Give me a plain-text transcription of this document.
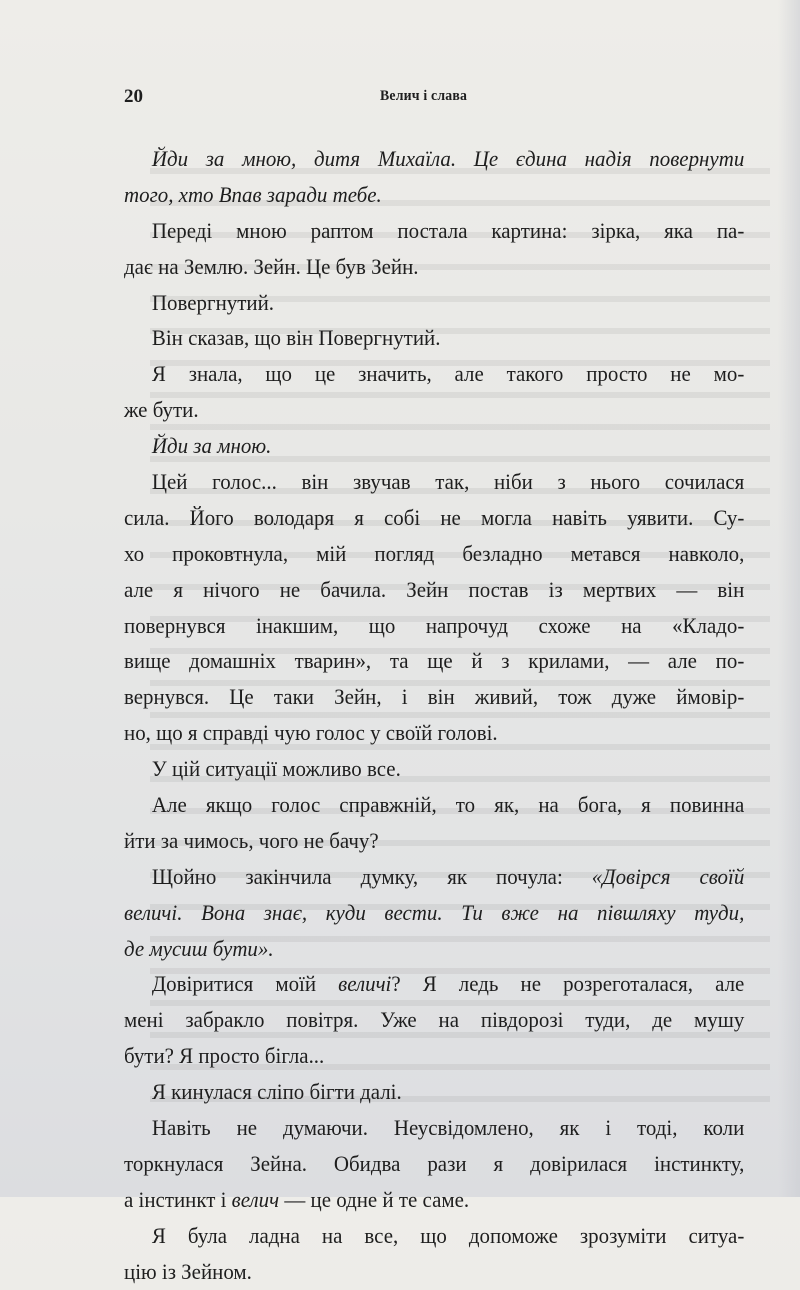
20	Велич і слава
Йди за мною, дитя Михаїла. Це єдина надія повернути
того, хто Впав заради тебе.
Переді мною раптом постала картина: зірка, яка па-
дає на Землю. Зейн. Це був Зейн.
Повергнутий.
Він сказав, що він Повергнутий.
Я знала, що це значить, але такого просто не мо-
же бути.
Йди за мною.
Цей голос... він звучав так, ніби з нього сочилася
сила. Його володаря я собі не могла навіть уявити. Су-
хо проковтнула, мій погляд безладно метався навколо,
але я нічого не бачила. Зейн постав із мертвих — він
повернувся інакшим, що напрочуд схоже на «Кладо-
вище домашніх тварин», та ще й з крилами, — але по-
вернувся. Це таки Зейн, і він живий, тож дуже ймовір-
но, що я справді чую голос у своїй голові.
У цій ситуації можливо все.
Але якщо голос справжній, то як, на бога, я повинна
йти за чимось, чого не бачу?
Щойно закінчила думку, як почула: «Довірся своїй
величі. Вона знає, куди вести. Ти вже на півшляху туди,
де мусиш бути».
Довіритися моїй величі? Я ледь не розреготалася, але
мені забракло повітря. Уже на півдорозі туди, де мушу
бути? Я просто бігла...
Я кинулася сліпо бігти далі.
Навіть не думаючи. Неусвідомлено, як і тоді, коли
торкнулася Зейна. Обидва рази я довірилася інстинкту,
а інстинкт і велич — це одне й те саме.
Я була ладна на все, що допоможе зрозуміти ситуа-
цію із Зейном.
